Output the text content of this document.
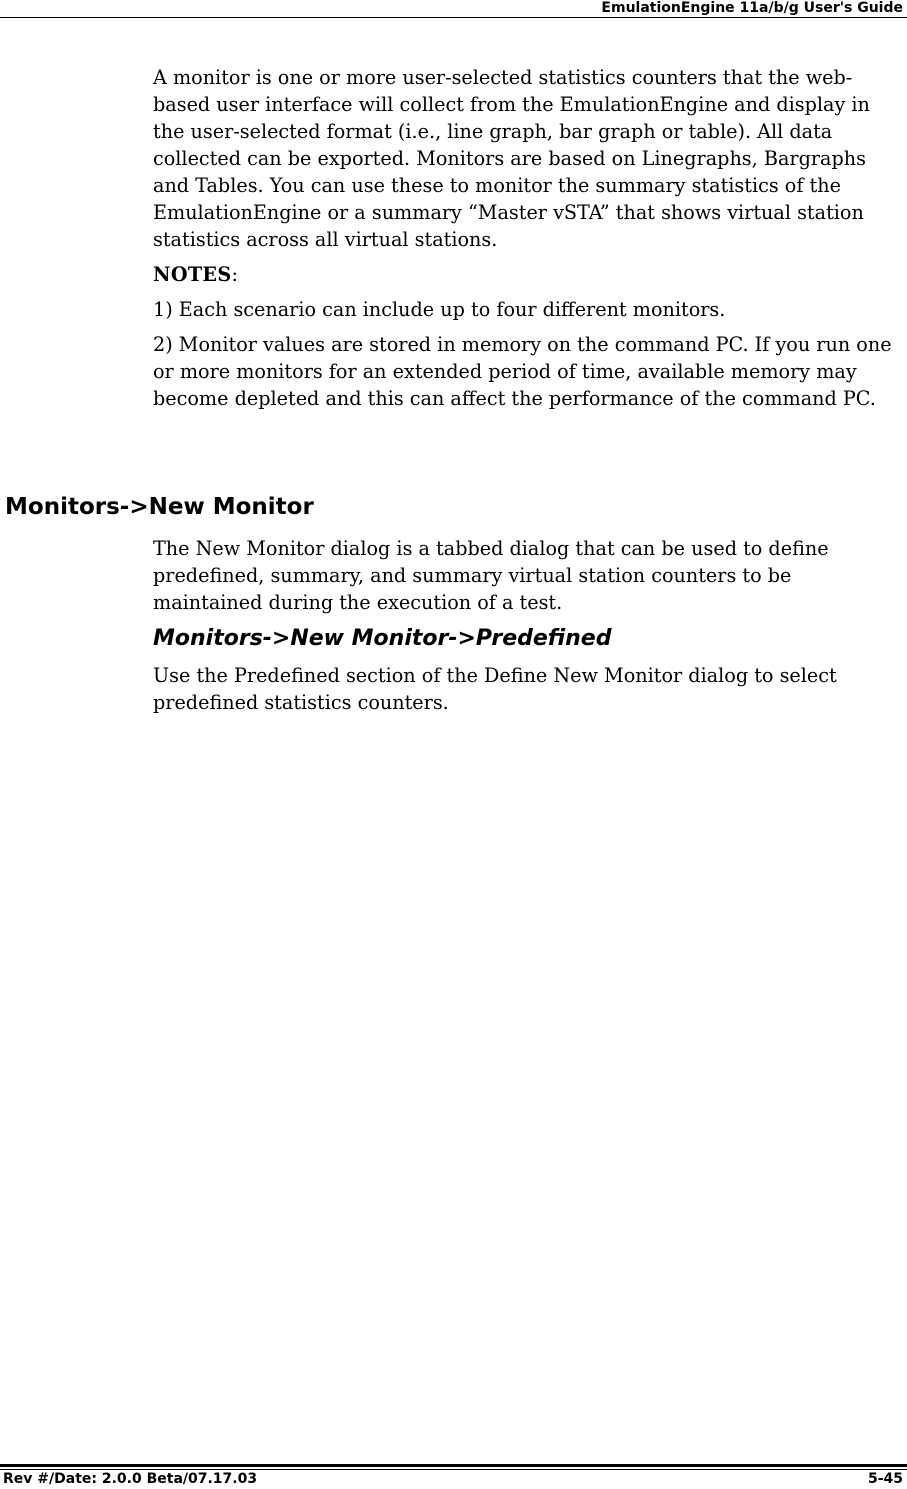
EmulationEngine 11a/b/g User's Guide

A monitor is one or more user-selected statistics counters that the web-based user interface will collect from the EmulationEngine and display in the user-selected format (i.e., line graph, bar graph or table). All data collected can be exported. Monitors are based on Linegraphs, Bargraphs and Tables. You can use these to monitor the summary statistics of the EmulationEngine or a summary “Master vSTA” that shows virtual station statistics across all virtual stations.

NOTES:

1) Each scenario can include up to four different monitors.

2) Monitor values are stored in memory on the command PC. If you run one or more monitors for an extended period of time, available memory may become depleted and this can affect the performance of the command PC.

Monitors->New Monitor

The New Monitor dialog is a tabbed dialog that can be used to define predefined, summary, and summary virtual station counters to be maintained during the execution of a test.

Monitors->New Monitor->Predefined

Use the Predefined section of the Define New Monitor dialog to select predefined statistics counters.

Rev #/Date: 2.0.0 Beta/07.17.03	5-45
